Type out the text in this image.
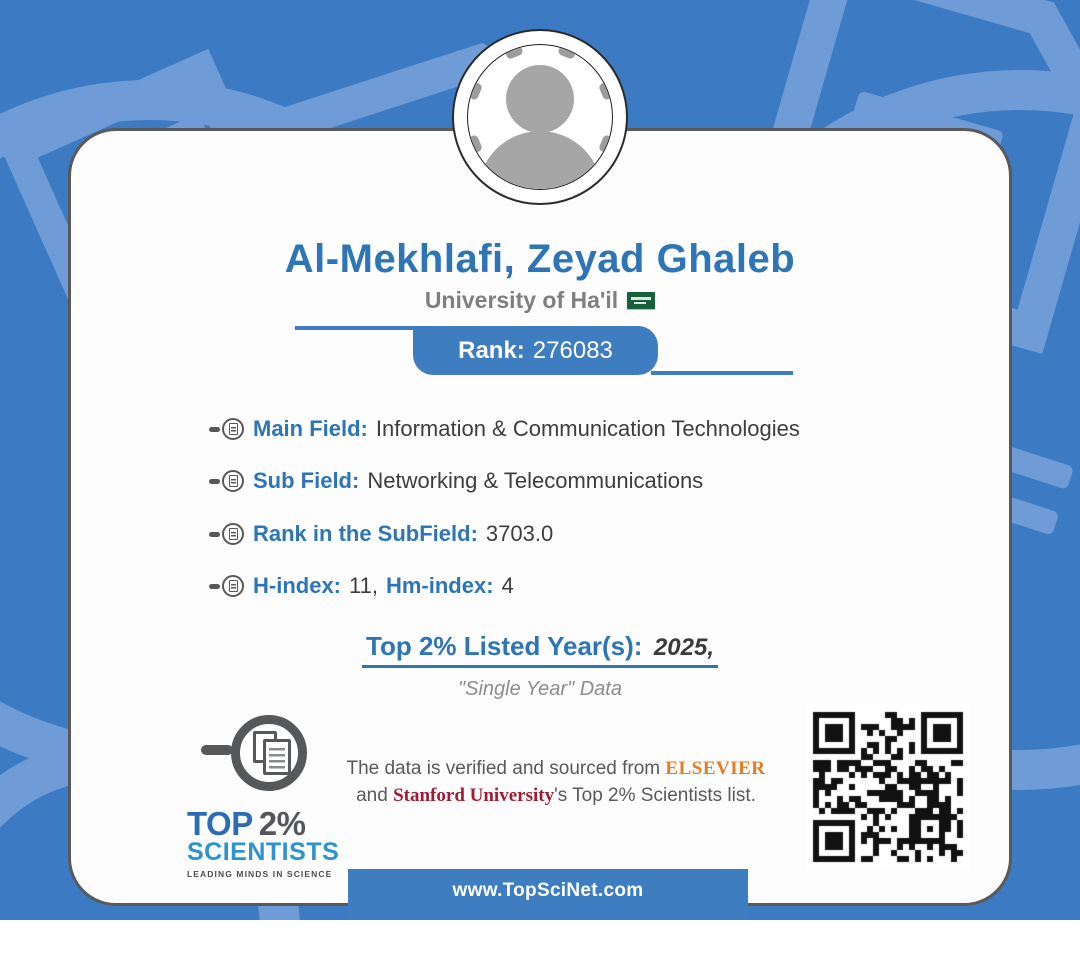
Al-Mekhlafi, Zeyad Ghaleb
University of Ha'il
Rank: 276083
Main Field: Information & Communication Technologies
Sub Field: Networking & Telecommunications
Rank in the SubField: 3703.0
H-index: 11, Hm-index: 4
Top 2% Listed Year(s): 2025,
"Single Year" Data
TOP 2%
SCIENTISTS
LEADING MINDS IN SCIENCE
The data is verified and sourced from ELSEVIER
and Stanford University's Top 2% Scientists list.
www.TopSciNet.com
